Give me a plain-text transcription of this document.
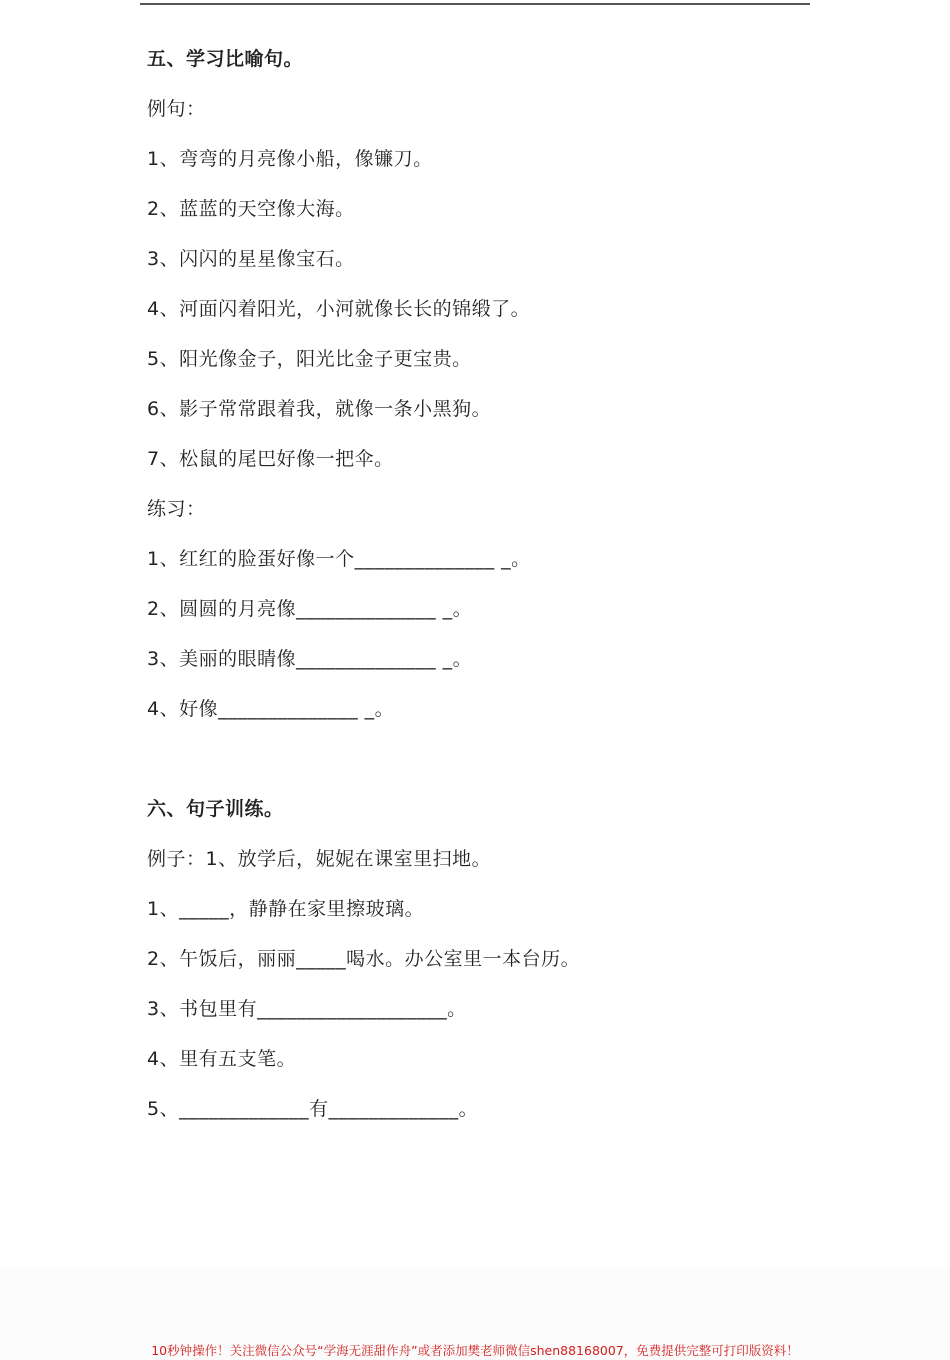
五、学习比喻句。
例句：
1、弯弯的月亮像小船，像镰刀。
2、蓝蓝的天空像大海。
3、闪闪的星星像宝石。
4、河面闪着阳光，小河就像长长的锦缎了。
5、阳光像金子，阳光比金子更宝贵。
6、影子常常跟着我，就像一条小黑狗。
7、松鼠的尾巴好像一把伞。
练习：
1、红红的脸蛋好像一个______________ _。
2、圆圆的月亮像______________ _。
3、美丽的眼睛像______________ _。
4、好像______________ _。
六、句子训练。
例子：1、放学后，妮妮在课室里扫地。
1、_____，静静在家里擦玻璃。
2、午饭后，丽丽_____喝水。办公室里一本台历。
3、书包里有___________________。
4、里有五支笔。
5、_____________有_____________。
10秒钟操作！关注微信公众号“学海无涯甜作舟”或者添加樊老师微信shen88168007，免费提供完整可打印版资料！
